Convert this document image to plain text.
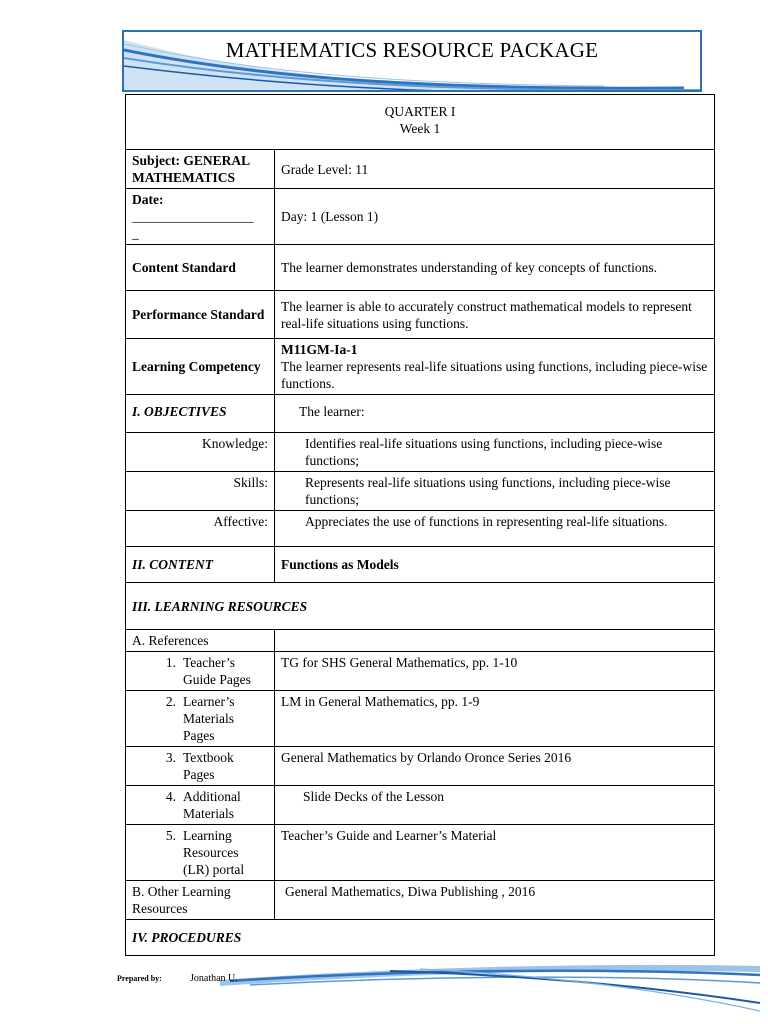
MATHEMATICS RESOURCE PACKAGE
QUARTER I
Week 1	

Subject: GENERAL MATHEMATICS	Grade Level: 11

Date:
__________________
_	Day: 1 (Lesson 1)
Content Standard	The learner demonstrates understanding of key concepts of functions.
Performance Standard	The learner is able to accurately construct mathematical models to represent real-life situations using functions.
Learning Competency	M11GM-Ia-1
The learner represents real-life situations using functions, including piece-wise functions.

I. OBJECTIVES	The learner:
Knowledge:	Identifies real-life situations using functions, including piece-wise functions;
Skills:	Represents real-life situations using functions, including piece-wise functions;
Affective:	Appreciates the use of functions in representing real-life situations.
II. CONTENT	Functions as Models
III. LEARNING RESOURCES	
A. References	
1. Teacher’s Guide Pages	TG for SHS General Mathematics, pp. 1-10
2. Learner’s Materials Pages	LM in General Mathematics, pp. 1-9
3. Textbook Pages	General Mathematics by Orlando Oronce Series 2016
4. Additional Materials	Slide Decks of the Lesson
5. Learning Resources (LR) portal	Teacher’s Guide and Learner’s Material
B. Other Learning Resources	General Mathematics, Diwa Publishing , 2016
IV. PROCEDURES	
Prepared by:	Jonathan U.
